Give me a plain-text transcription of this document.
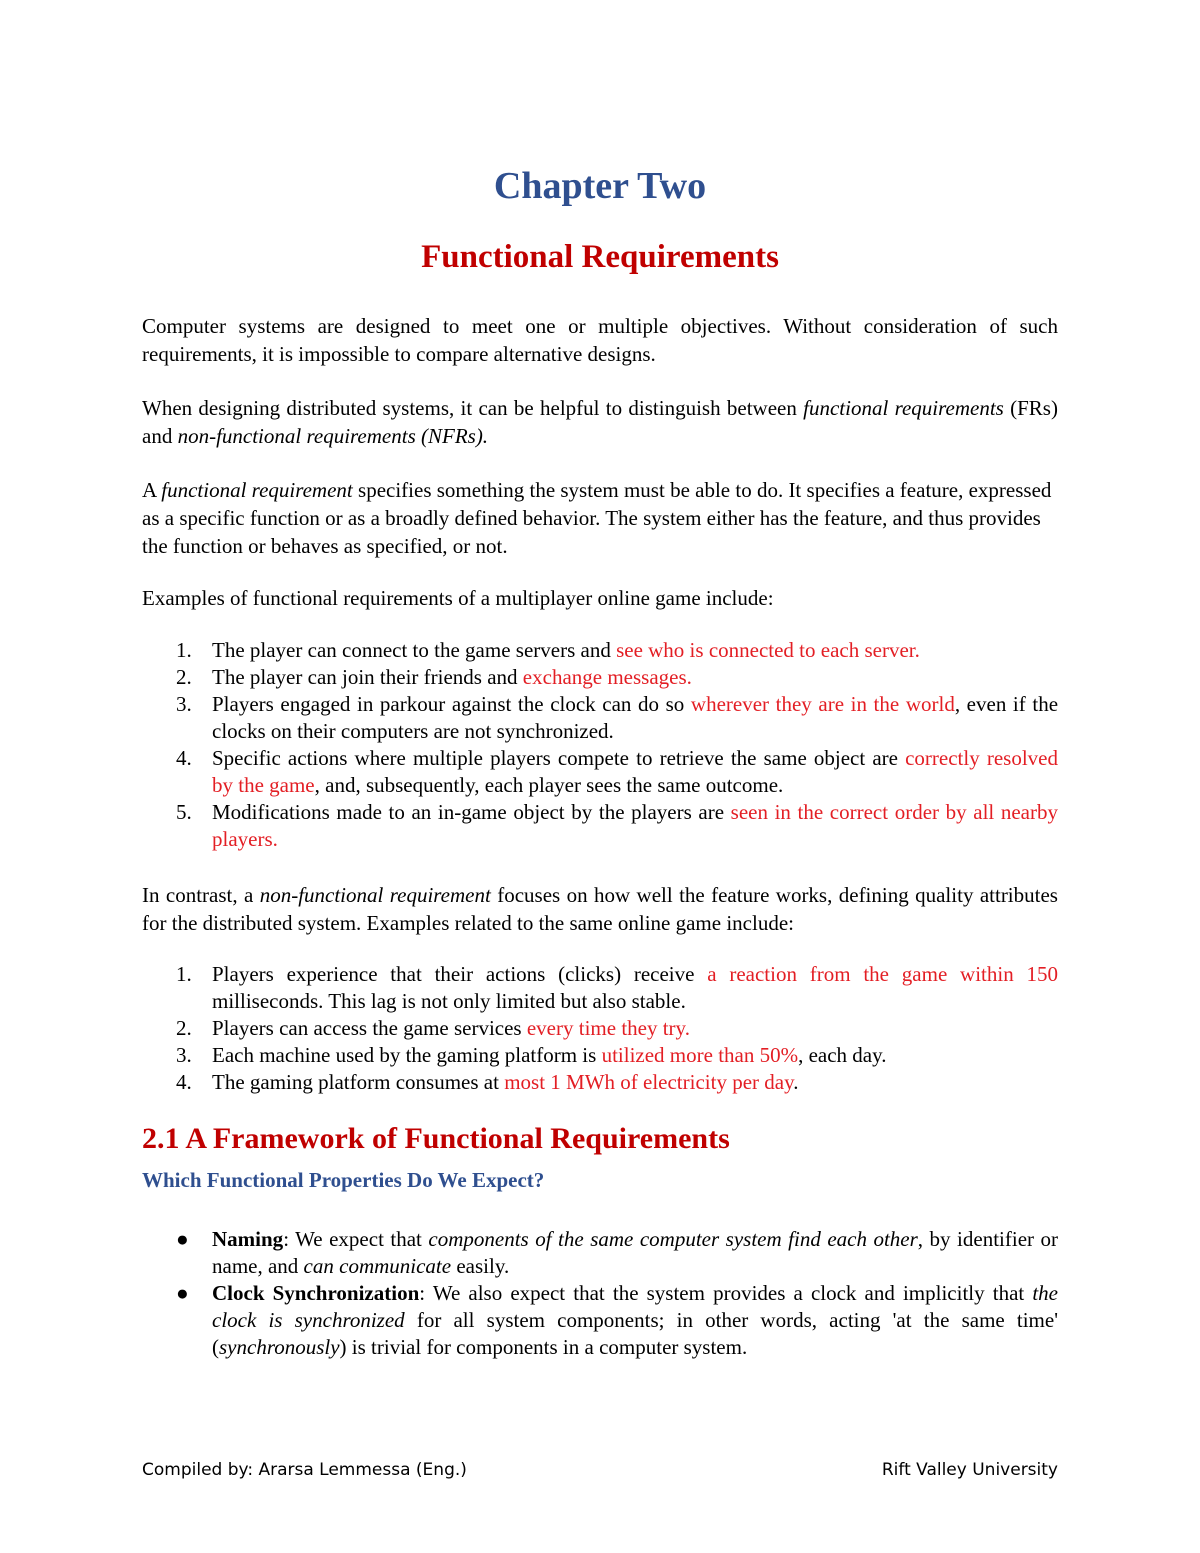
Chapter Two
Functional Requirements

Computer systems are designed to meet one or multiple objectives. Without consideration of such requirements, it is impossible to compare alternative designs.

When designing distributed systems, it can be helpful to distinguish between functional requirements (FRs) and non-functional requirements (NFRs).

A functional requirement specifies something the system must be able to do. It specifies a feature, expressed as a specific function or as a broadly defined behavior. The system either has the feature, and thus provides the function or behaves as specified, or not.

Examples of functional requirements of a multiplayer online game include:

1. The player can connect to the game servers and see who is connected to each server.
2. The player can join their friends and exchange messages.
3. Players engaged in parkour against the clock can do so wherever they are in the world, even if the clocks on their computers are not synchronized.
4. Specific actions where multiple players compete to retrieve the same object are correctly resolved by the game, and, subsequently, each player sees the same outcome.
5. Modifications made to an in-game object by the players are seen in the correct order by all nearby players.

In contrast, a non-functional requirement focuses on how well the feature works, defining quality attributes for the distributed system. Examples related to the same online game include:

1. Players experience that their actions (clicks) receive a reaction from the game within 150 milliseconds. This lag is not only limited but also stable.
2. Players can access the game services every time they try.
3. Each machine used by the gaming platform is utilized more than 50%, each day.
4. The gaming platform consumes at most 1 MWh of electricity per day.
2.1 A Framework of Functional Requirements
Which Functional Properties Do We Expect?
● Naming: We expect that components of the same computer system find each other, by identifier or name, and can communicate easily.
● Clock Synchronization: We also expect that the system provides a clock and implicitly that the clock is synchronized for all system components; in other words, acting 'at the same time' (synchronously) is trivial for components in a computer system.
Compiled by: Ararsa Lemmessa (Eng.)	Rift Valley University
